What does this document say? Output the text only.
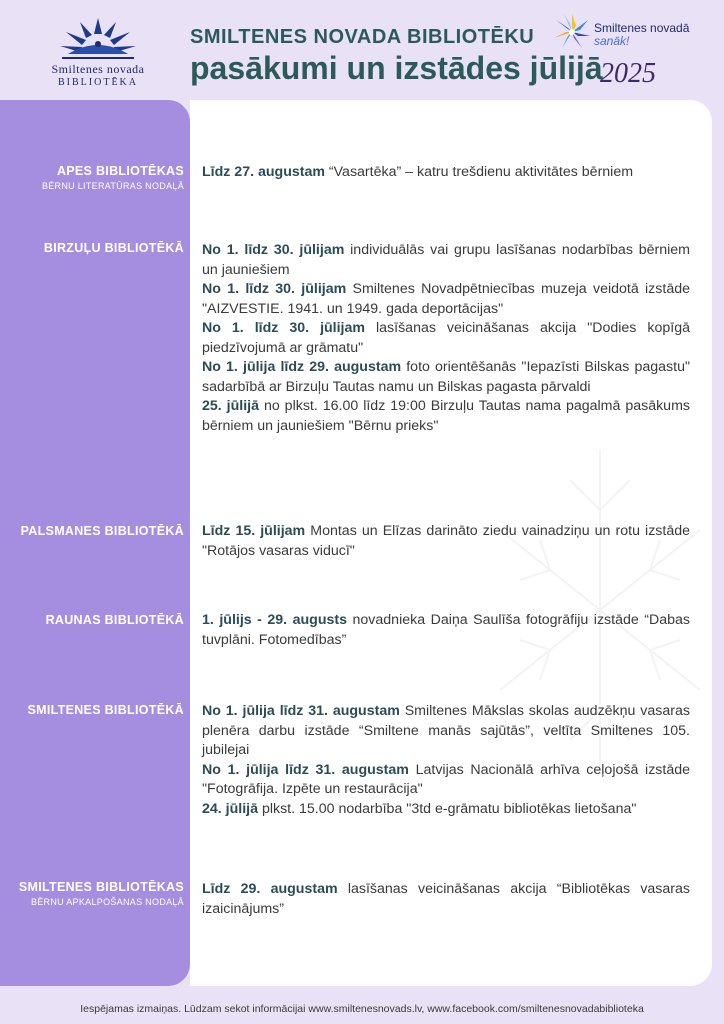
Smiltenes novada
BIBLIOTĒKA
SMILTENES NOVADA BIBLIOTĒKU
pasākumi un izstādes jūlijā
Smiltenes novadā
sanāk!
2025
APES BIBLIOTĒKAS
BĒRNU LITERATŪRAS NODAĻĀ
BIRZUĻU BIBLIOTĒKĀ
PALSMANES BIBLIOTĒKĀ
RAUNAS BIBLIOTĒKĀ
SMILTENES BIBLIOTĒKĀ
SMILTENES BIBLIOTĒKAS
BĒRNU APKALPOŠANAS NODAĻĀ

Līdz 27. augustam “Vasartēka” – katru trešdienu aktivitātes bērniem

No 1. līdz 30. jūlijam individuālās vai grupu lasīšanas nodarbības bērniem un jauniešiem

No 1. līdz 30. jūlijam Smiltenes Novadpētniecības muzeja veidotā izstāde "AIZVESTIE. 1941. un 1949. gada deportācijas"

No 1. līdz 30. jūlijam lasīšanas veicināšanas akcija "Dodies kopīgā piedzīvojumā ar grāmatu"

No 1. jūlija līdz 29. augustam foto orientēšanās "Iepazīsti Bilskas pagastu" sadarbībā ar Birzuļu Tautas namu un Bilskas pagasta pārvaldi

25. jūlijā no plkst. 16.00 līdz 19:00 Birzuļu Tautas nama pagalmā pasākums bērniem un jauniešiem "Bērnu prieks"

Līdz 15. jūlijam Montas un Elīzas darināto ziedu vainadziņu un rotu izstāde "Rotājos vasaras viducī"

1. jūlijs - 29. augusts novadnieka Daiņa Saulīša fotogrāfiju izstāde “Dabas tuvplāni. Fotomedības”

No 1. jūlija līdz 31. augustam Smiltenes Mākslas skolas audzēkņu vasaras plenēra darbu izstāde “Smiltene manās sajūtās”, veltīta Smiltenes 105. jubilejai

No 1. jūlija līdz 31. augustam Latvijas Nacionālā arhīva ceļojošā izstāde "Fotogrāfija. Izpēte un restaurācija"

24. jūlijā plkst. 15.00 nodarbība "3td e-grāmatu bibliotēkas lietošana"

Līdz 29. augustam lasīšanas veicināšanas akcija “Bibliotēkas vasaras izaicinājums”

Iespējamas izmaiņas. Lūdzam sekot informācijai www.smiltenesnovads.lv, www.facebook.com/smiltenesnovadabiblioteka
